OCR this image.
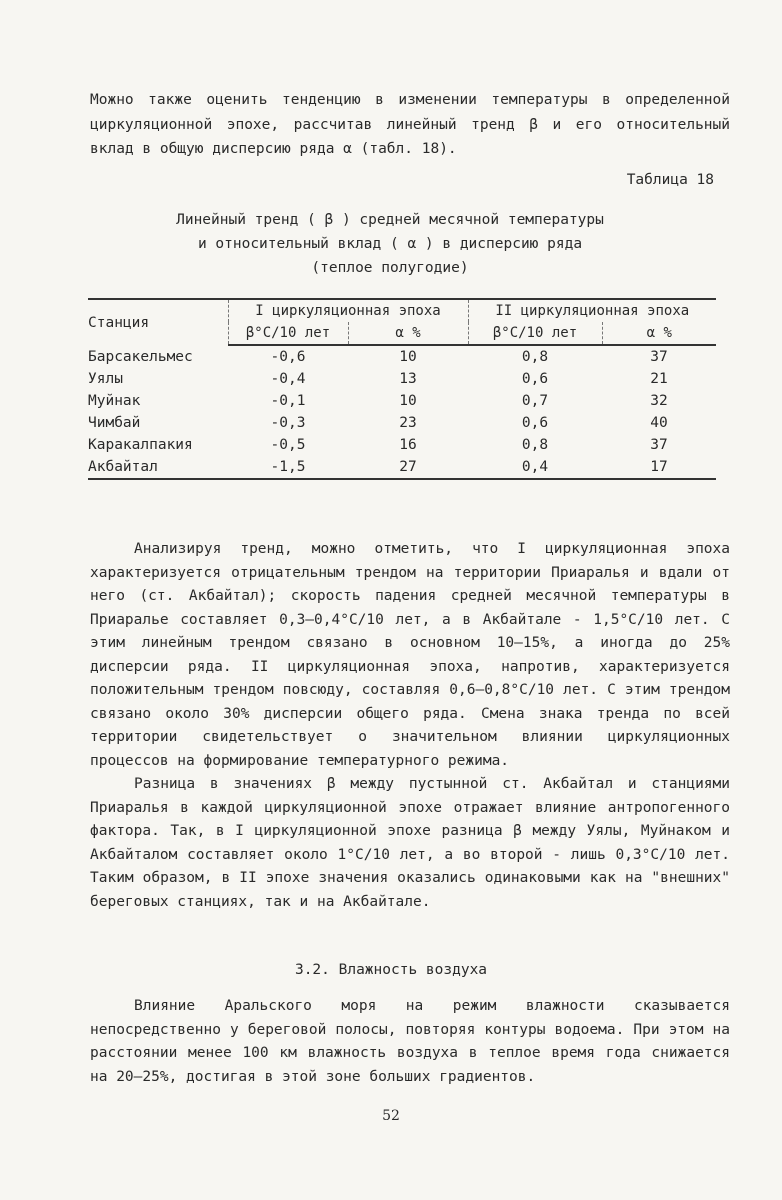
Можно также оценить тенденцию в изменении температуры в определенной циркуляционной эпохе, рассчитав линейный тренд β и его относительный вклад в общую дисперсию ряда α (табл. 18).

Таблица 18
Линейный тренд ( β ) средней месячной температуры
и относительный вклад ( α ) в дисперсию ряда
(теплое полугодие)
Станция	I циркуляционная эпоха		II циркуляционная эпоха	
	β°С/10 лет	α %	β°С/10 лет	α %
Барсакельмес	-0,6	10	0,8	37
Уялы	-0,4	13	0,6	21
Муйнак	-0,1	10	0,7	32
Чимбай	-0,3	23	0,6	40
Каракалпакия	-0,5	16	0,8	37
Акбайтал	-1,5	27	0,4	17

Анализируя тренд, можно отметить, что I циркуляционная эпоха характеризуется отрицательным трендом на территории Приаралья и вдали от него (ст. Акбайтал); скорость падения средней месячной температуры в Приаралье составляет 0,3–0,4°С/10 лет, а в Акбайтале - 1,5°С/10 лет. С этим линейным трендом связано в основном 10–15%, а иногда до 25% дисперсии ряда. II циркуляционная эпоха, напротив, характеризуется положительным трендом повсюду, составляя 0,6–0,8°С/10 лет. С этим трендом связано около 30% дисперсии общего ряда. Смена знака тренда по всей территории свидетельствует о значительном влиянии циркуляционных процессов на формирование температурного режима.

Разница в значениях β между пустынной ст. Акбайтал и станциями Приаралья в каждой циркуляционной эпохе отражает влияние антропогенного фактора. Так, в I циркуляционной эпохе разница β между Уялы, Муйнаком и Акбайталом составляет около 1°С/10 лет, а во второй - лишь 0,3°С/10 лет. Таким образом, в II эпохе значения оказались одинаковыми как на "внешних" береговых станциях, так и на Акбайтале.

3.2. Влажность воздуха

Влияние Аральского моря на режим влажности сказывается непосредственно у береговой полосы, повторяя контуры водоема. При этом на расстоянии менее 100 км влажность воздуха в теплое время года снижается на 20–25%, достигая в этой зоне больших градиентов.

52
